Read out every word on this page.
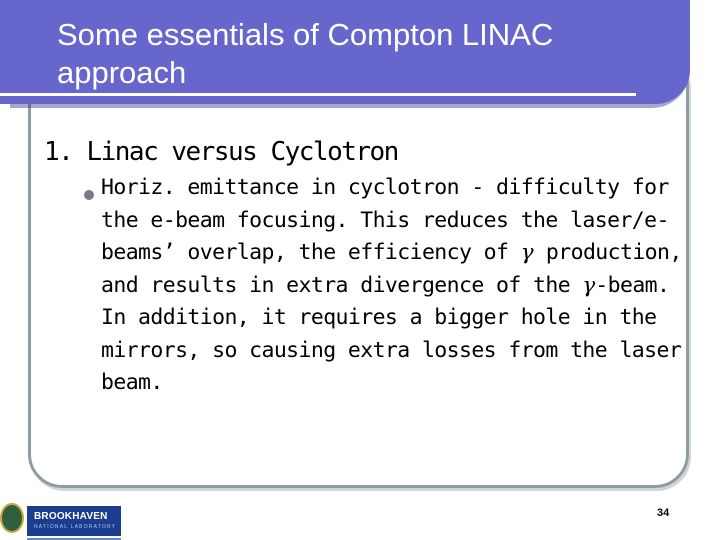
Some essentials of Compton LINAC
approach
1. Linac versus Cyclotron
Horiz. emittance in cyclotron - difficulty for the e-beam focusing. This reduces the laser/e-beams’ overlap, the efficiency of γ production, and results in extra divergence of the γ-beam. In addition, it requires a bigger hole in the mirrors, so causing extra losses from the laser beam.
BROOKHAVEN
NATIONAL LABORATORY
34
